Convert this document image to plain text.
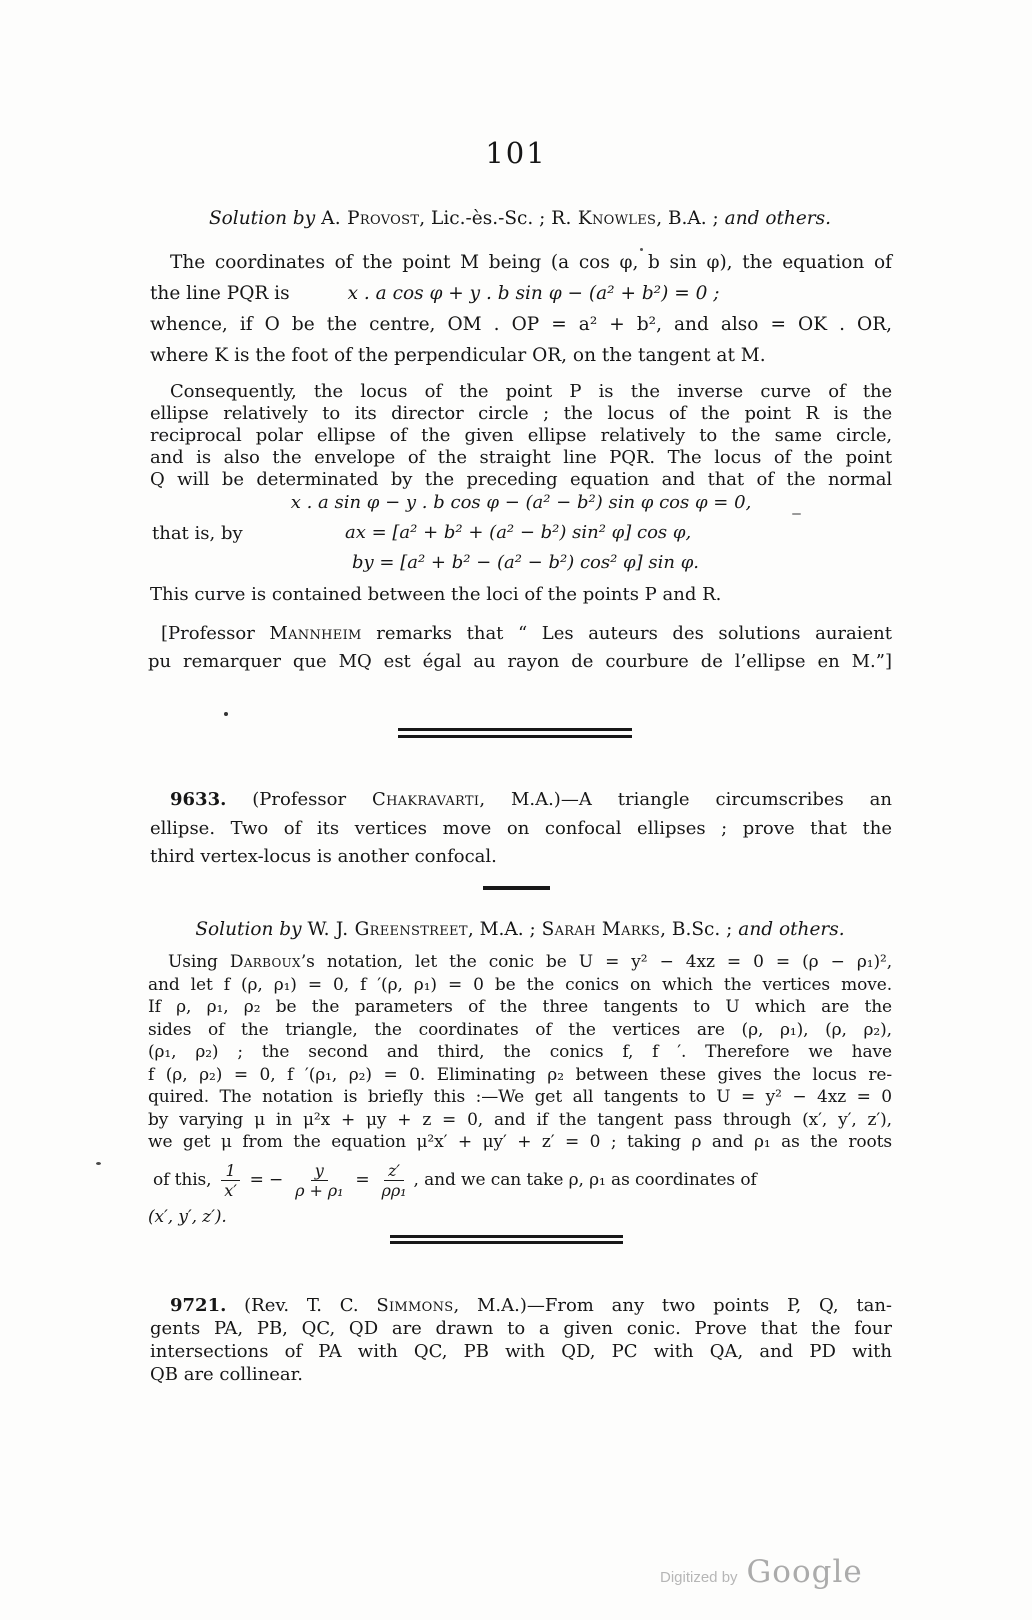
101
Solution by A. Provost, Lic.-ès.-Sc. ; R. Knowles, B.A. ; and others.
The coordinates of the point M being (a cos φ, b sin φ), the equation of
the line PQR is	x . a cos φ + y . b sin φ − (a² + b²) = 0 ;
whence, if O be the centre, OM . OP = a² + b², and also = OK . OR,
where K is the foot of the perpendicular OR, on the tangent at M.
Consequently, the locus of the point P is the inverse curve of the
ellipse relatively to its director circle ; the locus of the point R is the
reciprocal polar ellipse of the given ellipse relatively to the same circle,
and is also the envelope of the straight line PQR. The locus of the point
Q will be determinated by the preceding equation and that of the normal
x . a sin φ − y . b cos φ − (a² − b²) sin φ cos φ = 0,
that is, by	ax = [a² + b² + (a² − b²) sin² φ] cos φ,
by = [a² + b² − (a² − b²) cos² φ] sin φ.
This curve is contained between the loci of the points P and R.
[Professor Mannheim remarks that “ Les auteurs des solutions auraient
pu remarquer que MQ est égal au rayon de courbure de l’ellipse en M.”]
9633. (Professor Chakravarti, M.A.)—A triangle circumscribes an
ellipse. Two of its vertices move on confocal ellipses ; prove that the
third vertex-locus is another confocal.
Solution by W. J. Greenstreet, M.A. ; Sarah Marks, B.Sc. ; and others.
Using Darboux’s notation, let the conic be U = y² − 4xz = 0 = (ρ − ρ₁)²,
and let f (ρ, ρ₁) = 0, f ′(ρ, ρ₁) = 0 be the conics on which the vertices move.
If ρ, ρ₁, ρ₂ be the parameters of the three tangents to U which are the
sides of the triangle, the coordinates of the vertices are (ρ, ρ₁), (ρ, ρ₂),
(ρ₁, ρ₂) ; the second and third, the conics f, f ′. Therefore we have
f (ρ, ρ₂) = 0, f ′(ρ₁, ρ₂) = 0. Eliminating ρ₂ between these gives the locus re-
quired. The notation is briefly this :—We get all tangents to U = y² − 4xz = 0
by varying μ in μ²x + μy + z = 0, and if the tangent pass through (x′, y′, z′),
we get μ from the equation μ²x′ + μy′ + z′ = 0 ; taking ρ and ρ₁ as the roots
of this, $\frac{1}{x'}$ = − $\frac{y}{\text{ρ + ρ₁}} = \frac{z'}{\text{ρρ₁}}$ , and we can take ρ, ρ₁ as coordinates of
(x′, y′, z′).
9721. (Rev. T. C. Simmons, M.A.)—From any two points P, Q, tan-
gents PA, PB, QC, QD are drawn to a given conic. Prove that the four
intersections of PA with QC, PB with QD, PC with QA, and PD with
QB are collinear.
Digitized by Google
